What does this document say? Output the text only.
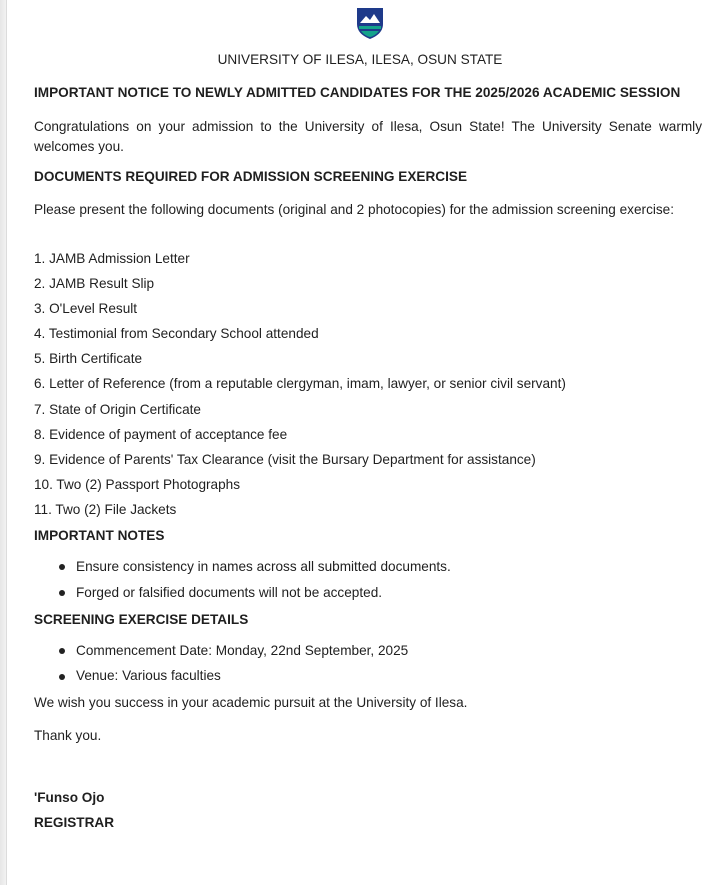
UNIVERSITY OF ILESA, ILESA, OSUN STATE
IMPORTANT NOTICE TO NEWLY ADMITTED CANDIDATES FOR THE 2025/2026 ACADEMIC SESSION
Congratulations on your admission to the University of Ilesa, Osun State! The University Senate warmly welcomes you.
DOCUMENTS REQUIRED FOR ADMISSION SCREENING EXERCISE
Please present the following documents (original and 2 photocopies) for the admission screening exercise:
1. JAMB Admission Letter
2. JAMB Result Slip
3. O'Level Result
4. Testimonial from Secondary School attended
5. Birth Certificate
6. Letter of Reference (from a reputable clergyman, imam, lawyer, or senior civil servant)
7. State of Origin Certificate
8. Evidence of payment of acceptance fee
9. Evidence of Parents' Tax Clearance (visit the Bursary Department for assistance)
10. Two (2) Passport Photographs
11. Two (2) File Jackets
IMPORTANT NOTES
Ensure consistency in names across all submitted documents.
Forged or falsified documents will not be accepted.
SCREENING EXERCISE DETAILS
Commencement Date: Monday, 22nd September, 2025
Venue: Various faculties
We wish you success in your academic pursuit at the University of Ilesa.
Thank you.
'Funso Ojo
REGISTRAR
